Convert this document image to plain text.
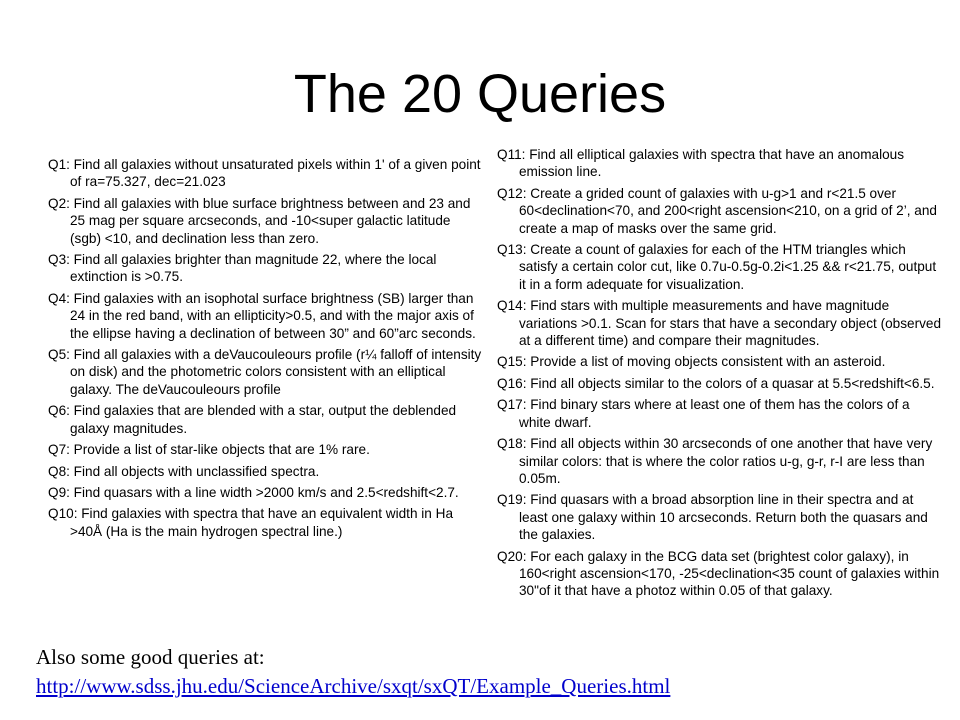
The 20 Queries

Q1: Find all galaxies without unsaturated pixels within 1' of a given point of ra=75.327, dec=21.023

Q2: Find all galaxies with blue surface brightness between and 23 and 25 mag per square arcseconds, and -10<super galactic latitude (sgb) <10, and declination less than zero.

Q3: Find all galaxies brighter than magnitude 22, where the local extinction is >0.75.

Q4: Find galaxies with an isophotal surface brightness (SB) larger than 24 in the red band, with an ellipticity>0.5, and with the major axis of the ellipse having a declination of between 30” and 60”arc seconds.

Q5: Find all galaxies with a deVaucouleours profile (r¼ falloff of intensity on disk) and the photometric colors consistent with an elliptical galaxy. The deVaucouleours profile

Q6: Find galaxies that are blended with a star, output the deblended galaxy magnitudes.

Q7: Provide a list of star-like objects that are 1% rare.

Q8: Find all objects with unclassified spectra.

Q9: Find quasars with a line width >2000 km/s and 2.5<redshift<2.7.

Q10: Find galaxies with spectra that have an equivalent width in Ha >40Å (Ha is the main hydrogen spectral line.)

Q11: Find all elliptical galaxies with spectra that have an anomalous emission line.

Q12: Create a grided count of galaxies with u-g>1 and r<21.5 over 60<declination<70, and 200<right ascension<210, on a grid of 2’, and create a map of masks over the same grid.

Q13: Create a count of galaxies for each of the HTM triangles which satisfy a certain color cut, like 0.7u-0.5g-0.2i<1.25 && r<21.75, output it in a form adequate for visualization.

Q14: Find stars with multiple measurements and have magnitude variations >0.1. Scan for stars that have a secondary object (observed at a different time) and compare their magnitudes.

Q15: Provide a list of moving objects consistent with an asteroid.

Q16: Find all objects similar to the colors of a quasar at 5.5<redshift<6.5.

Q17: Find binary stars where at least one of them has the colors of a white dwarf.

Q18: Find all objects within 30 arcseconds of one another that have very similar colors: that is where the color ratios u-g, g-r, r-I are less than 0.05m.

Q19: Find quasars with a broad absorption line in their spectra and at least one galaxy within 10 arcseconds. Return both the quasars and the galaxies.

Q20: For each galaxy in the BCG data set (brightest color galaxy), in 160<right ascension<170, -25<declination<35 count of galaxies within 30"of it that have a photoz within 0.05 of that galaxy.

Also some good queries at:
http://www.sdss.jhu.edu/ScienceArchive/sxqt/sxQT/Example_Queries.html
